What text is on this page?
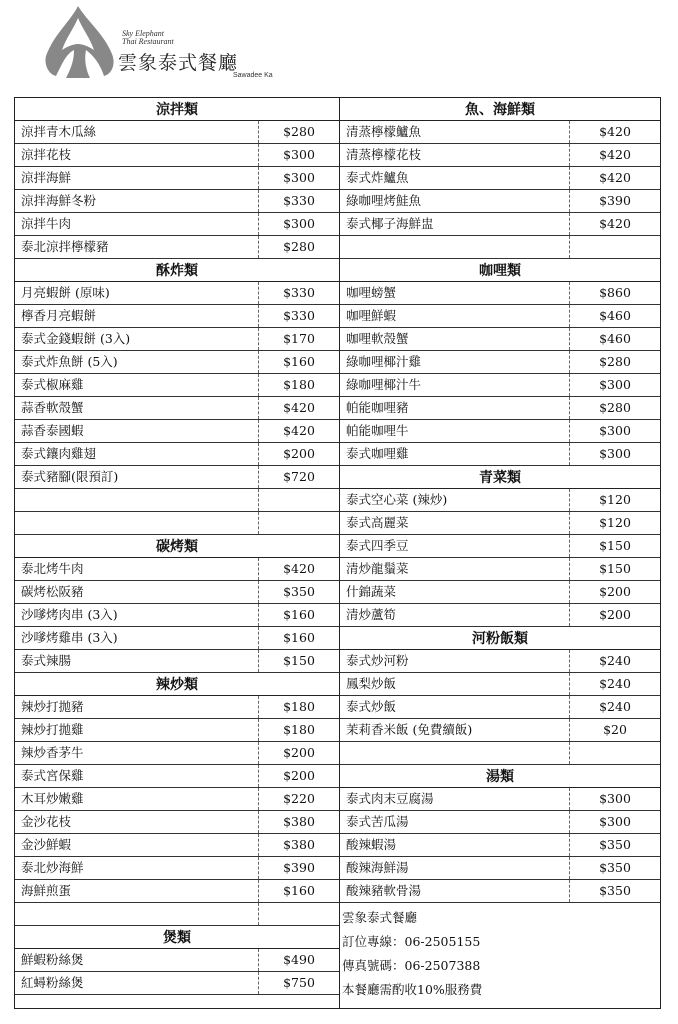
Sky Elephant
Thai Restaurant
雲象泰式餐廳
Sawadee Ka
涼拌類
涼拌青木瓜絲	$280
涼拌花枝	$300
涼拌海鮮	$300
涼拌海鮮冬粉	$330
涼拌牛肉	$300
泰北涼拌檸檬豬	$280
酥炸類
月亮蝦餅 (原味)	$330
檸香月亮蝦餅	$330
泰式金錢蝦餅 (3入)	$170
泰式炸魚餅 (5入)	$160
泰式椒麻雞	$180
蒜香軟殼蟹	$420
蒜香泰國蝦	$420
泰式鑲肉雞翅	$200
泰式豬腳(限預訂)	$720
碳烤類
泰北烤牛肉	$420
碳烤松阪豬	$350
沙嗲烤肉串 (3入)	$160
沙嗲烤雞串 (3入)	$160
泰式辣腸	$150
辣炒類
辣炒打拋豬	$180
辣炒打拋雞	$180
辣炒香茅牛	$200
泰式宮保雞	$200
木耳炒嫩雞	$220
金沙花枝	$380
金沙鮮蝦	$380
泰北炒海鮮	$390
海鮮煎蛋	$160
煲類
鮮蝦粉絲煲	$490
紅蟳粉絲煲	$750
魚、海鮮類
清蒸檸檬鱸魚	$420
清蒸檸檬花枝	$420
泰式炸鱸魚	$420
綠咖哩烤鮭魚	$390
泰式椰子海鮮盅	$420
咖哩類
咖哩螃蟹	$860
咖哩鮮蝦	$460
咖哩軟殼蟹	$460
綠咖哩椰汁雞	$280
綠咖哩椰汁牛	$300
帕能咖哩豬	$280
帕能咖哩牛	$300
泰式咖哩雞	$300
青菜類
泰式空心菜 (辣炒)	$120
泰式高麗菜	$120
泰式四季豆	$150
清炒龍鬚菜	$150
什錦蔬菜	$200
清炒蘆筍	$200
河粉飯類
泰式炒河粉	$240
鳳梨炒飯	$240
泰式炒飯	$240
茉莉香米飯 (免費續飯)	$20
湯類
泰式肉末豆腐湯	$300
泰式苦瓜湯	$300
酸辣蝦湯	$350
酸辣海鮮湯	$350
酸辣豬軟骨湯	$350
雲象泰式餐廳
訂位專線：06-2505155
傳真號碼：06-2507388
本餐廳需酌收10%服務費
